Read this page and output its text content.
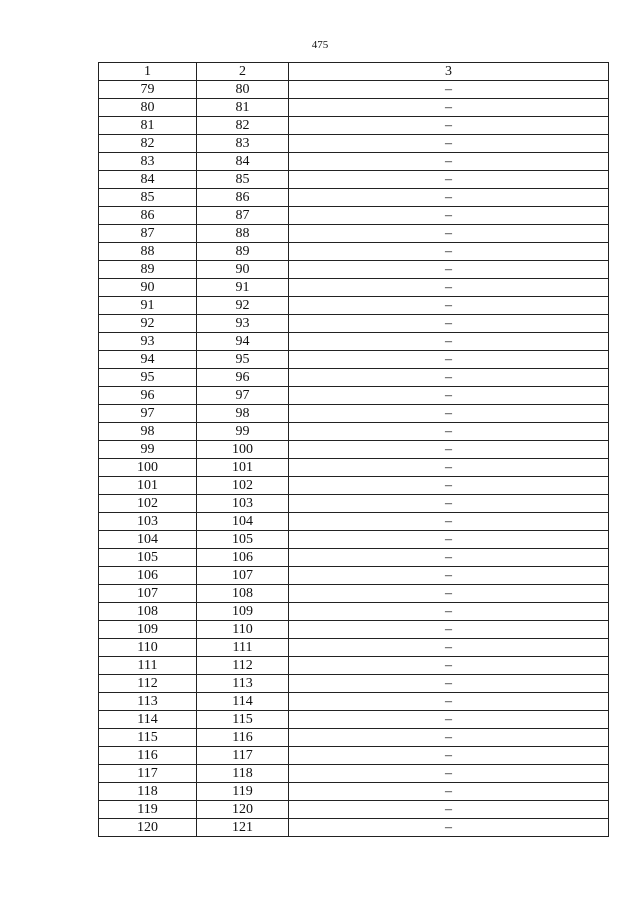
475
1	2	3
79	80	–
80	81	–
81	82	–
82	83	–
83	84	–
84	85	–
85	86	–
86	87	–
87	88	–
88	89	–
89	90	–
90	91	–
91	92	–
92	93	–
93	94	–
94	95	–
95	96	–
96	97	–
97	98	–
98	99	–
99	100	–
100	101	–
101	102	–
102	103	–
103	104	–
104	105	–
105	106	–
106	107	–
107	108	–
108	109	–
109	110	–
110	111	–
111	112	–
112	113	–
113	114	–
114	115	–
115	116	–
116	117	–
117	118	–
118	119	–
119	120	–
120	121	–
